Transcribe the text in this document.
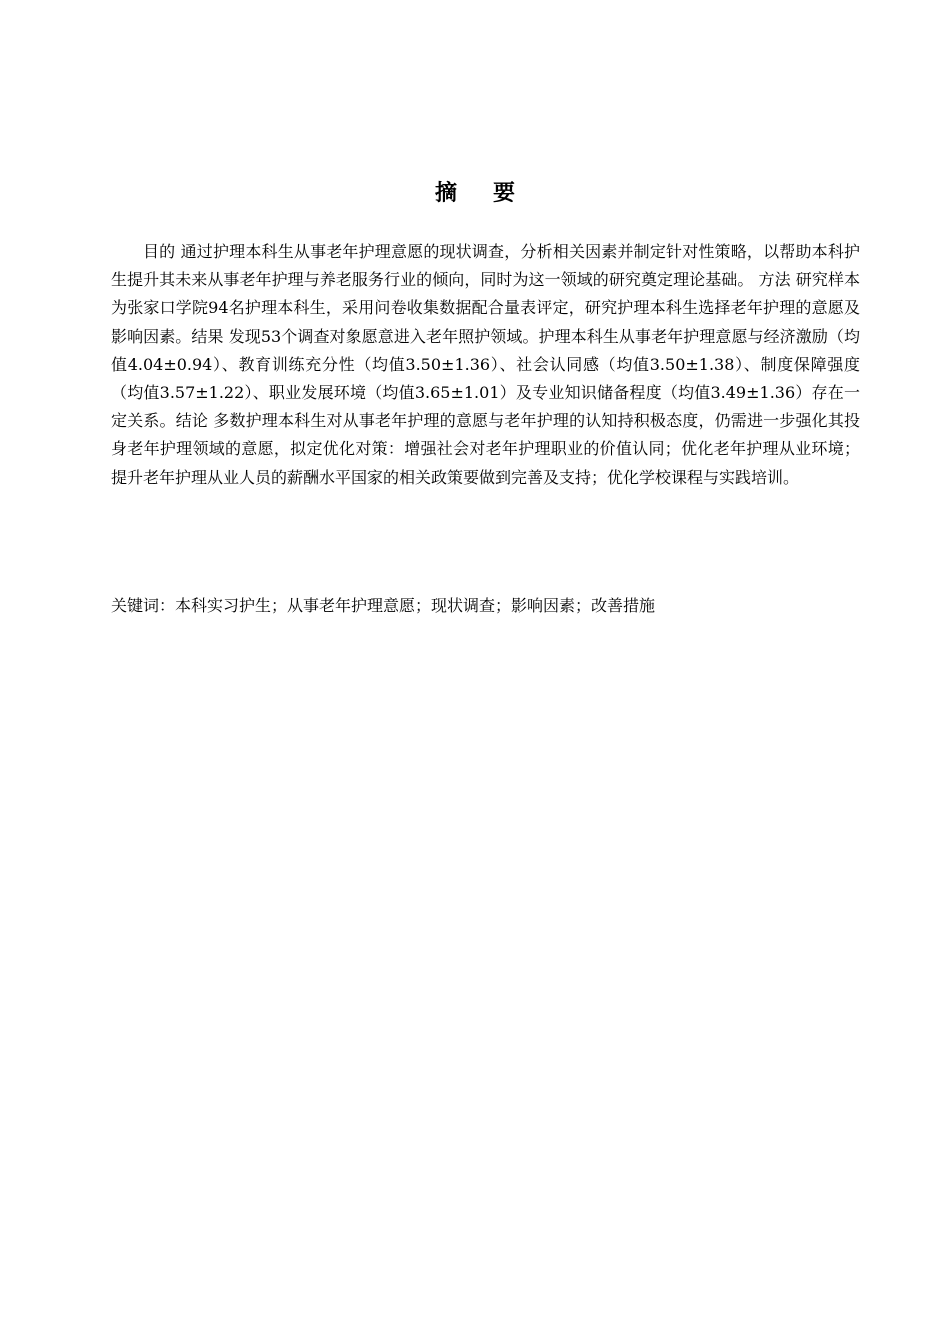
摘要

目的 通过护理本科生从事老年护理意愿的现状调查，分析相关因素并制定针对性策略，以帮助本科护生提升其未来从事老年护理与养老服务行业的倾向，同时为这一领域的研究奠定理论基础。 方法 研究样本为张家口学院94名护理本科生，采用问卷收集数据配合量表评定，研究护理本科生选择老年护理的意愿及影响因素。结果 发现53个调查对象愿意进入老年照护领域。护理本科生从事老年护理意愿与经济激励（均值4.04±0.94）、教育训练充分性（均值3.50±1.36）、社会认同感（均值3.50±1.38）、制度保障强度（均值3.57±1.22）、职业发展环境（均值3.65±1.01）及专业知识储备程度（均值3.49±1.36）存在一定关系。结论 多数护理本科生对从事老年护理的意愿与老年护理的认知持积极态度，仍需进一步强化其投身老年护理领域的意愿，拟定优化对策：增强社会对老年护理职业的价值认同；优化老年护理从业环境；提升老年护理从业人员的薪酬水平国家的相关政策要做到完善及支持；优化学校课程与实践培训。

关键词：本科实习护生；从事老年护理意愿；现状调查；影响因素；改善措施
